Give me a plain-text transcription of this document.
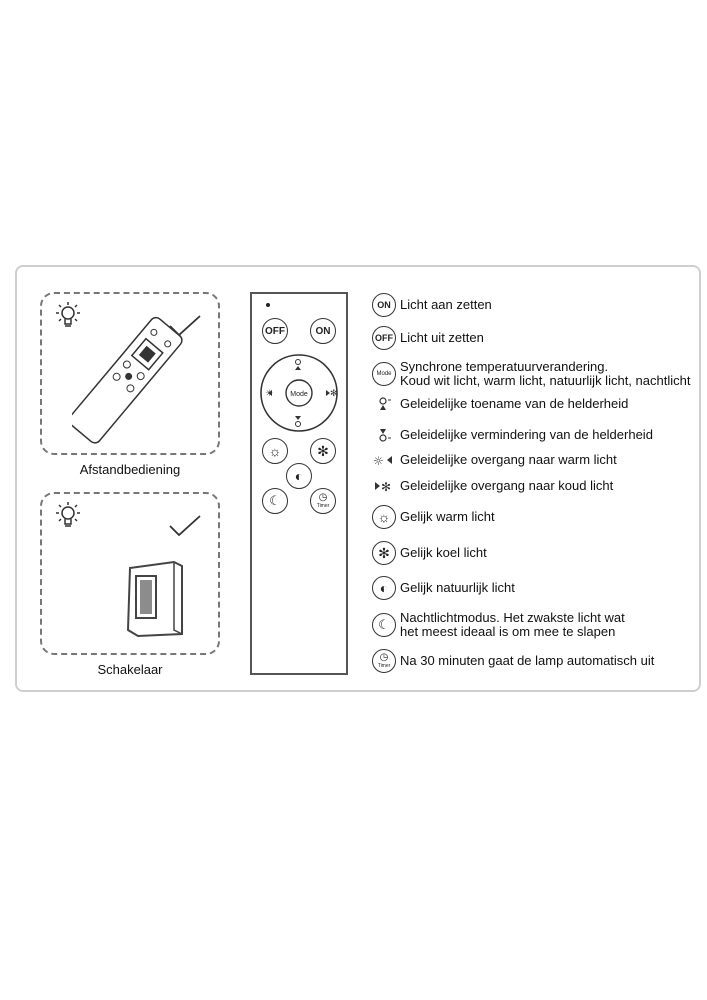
Afstandbediening
Schakelaar
OFF	ON
☼	✻
Mode
☼	✻
◐
☾	◷
Timer
ON Licht aan zetten
OFF Licht uit zetten
Mode Synchrone temperatuurverandering.
Koud wit licht, warm licht, natuurlijk licht, nachtlicht
Geleidelijke toename van de helderheid
Geleidelijke vermindering van de helderheid
☼ Geleidelijke overgang naar warm licht
✻ Geleidelijke overgang naar koud licht
☼ Gelijk warm licht
✻ Gelijk koel licht
◐ Gelijk natuurlijk licht
☾ Nachtlichtmodus. Het zwakste licht wat
het meest ideaal is om mee te slapen
◷
Timer Na 30 minuten gaat de lamp automatisch uit
